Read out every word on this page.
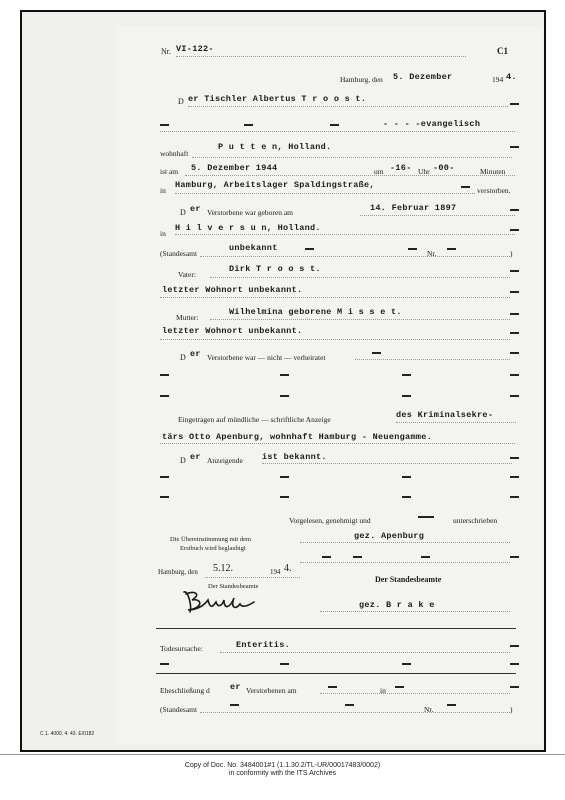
Nr. VI-122-	C1
Hamburg, den 5. Dezember	194 4.
D er Tischler Albertus T r o o s t.
- - - -evangelisch
wohnhaft
P u t t e n, Holland.
ist am 5. Dezember 1944	um -16- Uhr -00-	Minuten
in
Hamburg, Arbeitslager Spaldingstraße,
verstorben.
D er Verstorbene war geboren am	14. Februar 1897
in
H i l v e r s u n, Holland.
(Standesamt
unbekannt
Nr.	)
Vater:
Dirk T r o o s t.
letzter Wohnort unbekannt.
Mutter:
Wilhelmina geborene M i s s e t.
letzter Wohnort unbekannt.
D er Verstorbene war — nicht — verheiratet
Eingetragen auf mündliche — schriftliche Anzeige	des Kriminalsekre-
tärs Otto Apenburg, wohnhaft Hamburg - Neuengamme.
D er Anzeigende ist bekannt.
Vorgelesen, genehmigt und	unterschrieben
Die Übereinstimmung mit dem
Erstbuch wird beglaubigt
gez. Apenburg
Hamburg, den 5.12.	194 4.
Der Standesbeamte
Der Standesbeamte
gez. B r a k e
Todesursache:	Enteritis.
Eheschließung d er Verstorbenen am	in
(Standesamt	Nr.	)
C 1. 4000. 4. 43. E/0182
Copy of Doc. No. 3484001#1 (1.1.30.2/TL-UR/00017483/0002)
in conformity with the ITS Archives
